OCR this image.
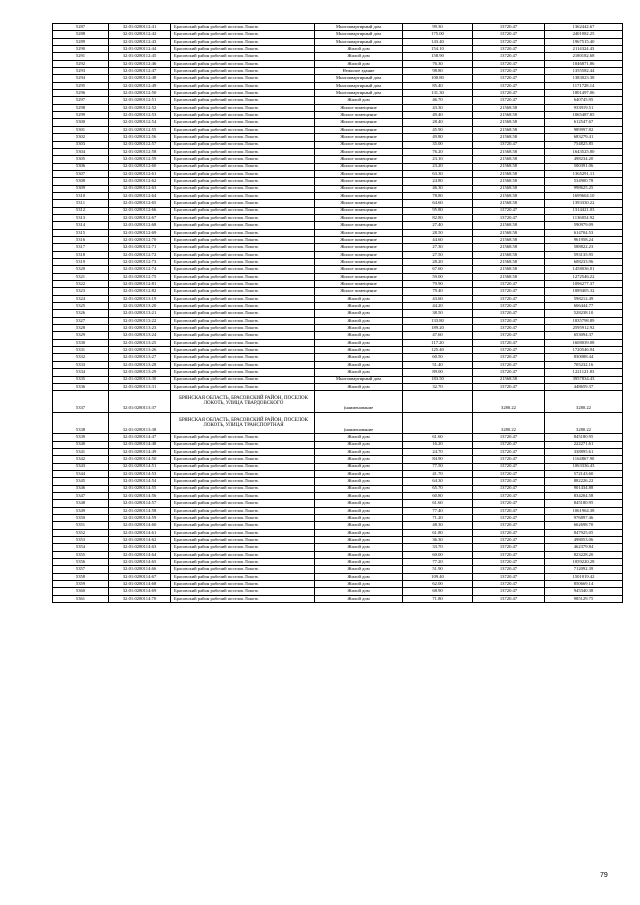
5287	32:01:0280112:41	Брасовский район рабочий поселок Локоть	Многоквартирный дом	99.30	13720.47	1362442.67
5288	32:01:0280112:42	Брасовский район рабочий поселок Локоть	Многоквартирный дом	175.00	13720.47	2401082.25
5289	32:01:0280112:43	Брасовский район рабочий поселок Локоть	Многоквартирный дом	143.40	13720.47	1967515.40
5290	32:01:0280112:44	Брасовский район рабочий поселок Локоть	Жилой дом	154.10	13720.47	2114324.43
5291	32:01:0280112:45	Брасовский район рабочий поселок Локоть	Жилой дом	158.90	13720.47	2180182.68
5292	32:01:0280112:46	Брасовский район рабочий поселок Локоть	Жилой дом	76.30	13720.47	1046871.86
5293	32:01:0280112:47	Брасовский район рабочий поселок Локоть	Нежилое здание	98.80	13720.47	1355582.44
5294	32:01:0280112:48	Брасовский район рабочий поселок Локоть	Многоквартирный дом	100.80	13720.47	1383023.38
5295	32:01:0280112:49	Брасовский район рабочий поселок Локоть	Многоквартирный дом	85.40	13720.47	1171728.14
5296	32:01:0280112:50	Брасовский район рабочий поселок Локоть	Многоквартирный дом	131.30	13720.47	1801497.06
5297	32:01:0280112:51	Брасовский район рабочий поселок Локоть	Жилой дом	46.70	13720.47	640745.95
5298	32:01:0280112:52	Брасовский район рабочий поселок Локоть	Жилое помещение	43.30	21568.58	933919.51
5299	32:01:0280112:53	Брасовский район рабочий поселок Локоть	Жилое помещение	49.40	21568.58	1065487.85
5300	32:01:0280112:54	Брасовский район рабочий поселок Локоть	Жилое помещение	28.40	21568.58	612547.67
5301	32:01:0280112:55	Брасовский район рабочий поселок Локоть	Жилое помещение	45.90	21568.58	989997.82
5302	32:01:0280112:56	Брасовский район рабочий поселок Локоть	Жилое помещение	49.80	21568.58	683279.41
5303	32:01:0280112:57	Брасовский район рабочий поселок Локоть	Жилое помещение	35.00	13720.47	754825.85
5304	32:01:0280112:58	Брасовский район рабочий поселок Локоть	Жилое помещение	76.20	21568.58	1643525.80
5305	32:01:0280112:59	Брасовский район рабочий поселок Локоть	Жилое помещение	23.10	21568.58	498234.20
5306	32:01:0280112:60	Брасовский район рабочий поселок Локоть	Жилое помещение	23.20	21568.58	500391.06
5307	32:01:0280112:61	Брасовский район рабочий поселок Локоть	Жилое помещение	63.30	21568.58	1365291.11
5308	32:01:0280112:62	Брасовский район рабочий поселок Локоть	Жилое помещение	24.80	21568.58	534900.78
5309	32:01:0280112:63	Брасовский район рабочий поселок Локоть	Жилое помещение	46.30	21568.58	998625.25
5310	32:01:0280112:64	Брасовский район рабочий поселок Локоть	Жилое помещение	78.80	21568.58	1699604.10
5311	32:01:0280112:65	Брасовский район рабочий поселок Локоть	Жилое помещение	64.60	21568.58	1393330.22
5312	32:01:0280112:66	Брасовский район рабочий поселок Локоть	Жилое помещение	95.80	13720.47	1314421.03
5313	32:01:0280112:67	Брасовский район рабочий поселок Локоть	Жилое помещение	82.80	13720.47	1136054.92
5314	32:01:0280112:68	Брасовский район рабочий поселок Локоть	Жилое помещение	27.40	21568.58	590979.09
5315	32:01:0280112:69	Брасовский район рабочий поселок Локоть	Жилое помещение	28.50	21568.58	614704.53
5316	32:01:0280112:70	Брасовский район рабочий поселок Локоть	Жилое помещение	44.60	21568.58	961958.24
5317	32:01:0280112:71	Брасовский район рабочий поселок Локоть	Жилое помещение	27.30	21568.58	588822.23
5318	32:01:0280112:72	Брасовский район рабочий поселок Локоть	Жилое помещение	27.50	21568.58	593135.95
5319	32:01:0280112:73	Брасовский район рабочий поселок Локоть	Жилое помещение	28.20	21568.58	608233.96
5320	32:01:0280112:74	Брасовский район рабочий поселок Локоть	Жилое помещение	67.60	21568.58	1458036.01
5321	32:01:0280112:75	Брасовский район рабочий поселок Локоть	Жилое помещение	59.00	21568.58	1272546.22
5322	32:01:0280112:81	Брасовский район рабочий поселок Локоть	Жилое помещение	79.90	13720.47	1096277.37
5323	32:01:0280112:82	Брасовский район рабочий поселок Локоть	Жилое помещение	79.40	13720.47	1089405.32
5324	32:01:0280113:19	Брасовский район рабочий поселок Локоть	Жилой дом	43.60	13720.47	598212.49
5325	32:01:0280113:20	Брасовский район рабочий поселок Локоть	Жилой дом	44.20	13720.47	606444.77
5326	32:01:0280113:21	Брасовский район рабочий поселок Локоть	Жилой дом	38.50	13720.47	528238.10
5327	32:01:0280113:22	Брасовский район рабочий поселок Локоть	Жилой дом	133.80	13720.47	1835798.89
5328	32:01:0280113:23	Брасовский район рабочий поселок Локоть	Жилой дом	189.20	13720.47	2595912.92
5329	32:01:0280113:24	Брасовский район рабочий поселок Локоть	Жилой дом	47.60	13720.47	653094.37
5330	32:01:0280113:25	Брасовский район рабочий поселок Локоть	Жилой дом	117.20	13720.47	1608039.08
5331	32:01:0280113:26	Брасовский район рабочий поселок Локоть	Жилой дом	125.40	13720.47	1720546.94
5332	32:01:0280113:27	Брасовский район рабочий поселок Локоть	Жилой дом	60.50	13720.47	830088.44
5333	32:01:0280113:28	Брасовский район рабочий поселок Локоть	Жилой дом	51.40	13720.47	705232.16
5334	32:01:0280113:29	Брасовский район рабочий поселок Локоть	Жилой дом	89.00	13720.47	1221121.83
5335	32:01:0280113:30	Брасовский район рабочий поселок Локоть	Многоквартирный дом	183.50	21568.58	3957834.43
5336	32:01:0280113:31	Брасовский район рабочий поселок Локоть	Жилой дом	32.70	13720.47	448659.37
5337	32:01:0280113:37	БРЯНСКАЯ ОБЛАСТЬ, БРАСОВСКИЙ РАЙОН, ПОСЕЛОК ЛОКОТЬ, УЛИЦА ТВАРДОВСКОГО	(наименование		3280.22	3280.22
5338	32:01:0280113:38	БРЯНСКАЯ ОБЛАСТЬ, БРАСОВСКИЙ РАЙОН, ПОСЕЛОК ЛОКОТЬ, УЛИЦА ТРАНСПОРТНАЯ	(наименование		3280.22	3280.22
5339	32:01:0280114:47	Брасовский район рабочий поселок Локоть	Жилой дом	61.60	13720.47	845180.95
5340	32:01:0280114:48	Брасовский район рабочий поселок Локоть	Жилой дом	16.20	13720.47	222271.61
5341	32:01:0280114:49	Брасовский район рабочий поселок Локоть	Жилой дом	24.70	13720.47	338895.61
5342	32:01:0280114:50	Брасовский район рабочий поселок Локоть	Жилой дом	84.90	13720.47	1164867.90
5343	32:01:0280114:51	Брасовский район рабочий поселок Локоть	Жилой дом	77.50	13720.47	1063336.43
5344	32:01:0280114:53	Брасовский район рабочий поселок Локоть	Жилой дом	41.70	13720.47	572143.60
5345	32:01:0280114:54	Брасовский район рабочий поселок Локоть	Жилой дом	64.30	13720.47	882226.22
5346	32:01:0280114:55	Брасовский район рабочий поселок Локоть	Жилой дом	65.70	13720.47	901434.88
5347	32:01:0280114:56	Брасовский район рабочий поселок Локоть	Жилой дом	60.80	13720.47	834204.58
5348	32:01:0280114:57	Брасовский район рабочий поселок Локоть	Жилой дом	61.60	13720.47	845180.95
5349	32:01:0280114:58	Брасовский район рабочий поселок Локоть	Жилой дом	77.40	13720.47	1061964.38
5350	32:01:0280114:59	Брасовский район рабочий поселок Локоть	Жилой дом	71.20	13720.47	976897.46
5351	32:01:0280114:60	Брасовский район рабочий поселок Локоть	Жилой дом	48.30	13720.47	662698.70
5352	32:01:0280114:61	Брасовский район рабочий поселок Локоть	Жилой дом	61.80	13720.47	847925.05
5353	32:01:0280114:62	Брасовский район рабочий поселок Локоть	Жилой дом	36.30	13720.47	498053.06
5354	32:01:0280114:63	Брасовский район рабочий поселок Локоть	Жилой дом	33.70	13720.47	462379.84
5355	32:01:0280114:64	Брасовский район рабочий поселок Локоть	Жилой дом	60.00	13720.47	823228.20
5356	32:01:0280114:65	Брасовский район рабочий поселок Локоть	Жилой дом	77.20	13720.47	1059220.28
5357	32:01:0280114:66	Брасовский район рабочий поселок Локоть	Жилой дом	51.90	13720.47	712092.39
5358	32:01:0280114:67	Брасовский район рабочий поселок Локоть	Жилой дом	109.40	13720.47	1501019.42
5359	32:01:0280114:68	Брасовский район рабочий поселок Локоть	Жилой дом	62.00	13720.47	850669.14
5360	32:01:0280114:69	Брасовский район рабочий поселок Локоть	Жилой дом	68.90	13720.47	945340.38
5361	32:01:0280114:70	Брасовский район рабочий поселок Локоть	Жилой дом	71.80	13720.47	985129.75
79
